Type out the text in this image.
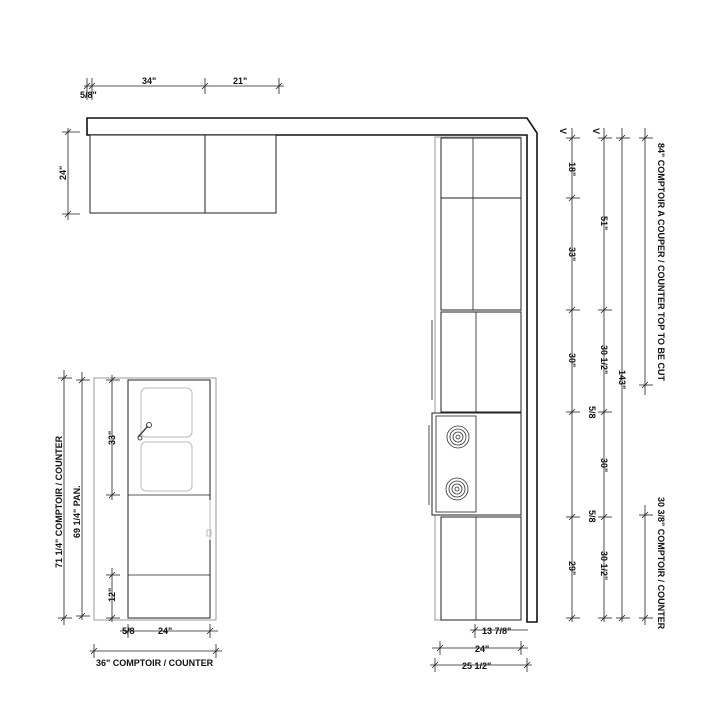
5/8"
34"	21"
24"
V
18"
33"
30"
29"
V
51"
30 1/2"
5/8
30"
5/8
30 1/2"
143"	84" COMPTOIR A COUPER / COUNTER TOP TO BE CUT
30 3/8" COMPTOIR / COUNTER
33"
12"
71 1/4" COMPTOIR / COUNTER 69 1/4" PAN.
5/8	24"
36" COMPTOIR / COUNTER
13 7/8"
24"
25 1/2"
